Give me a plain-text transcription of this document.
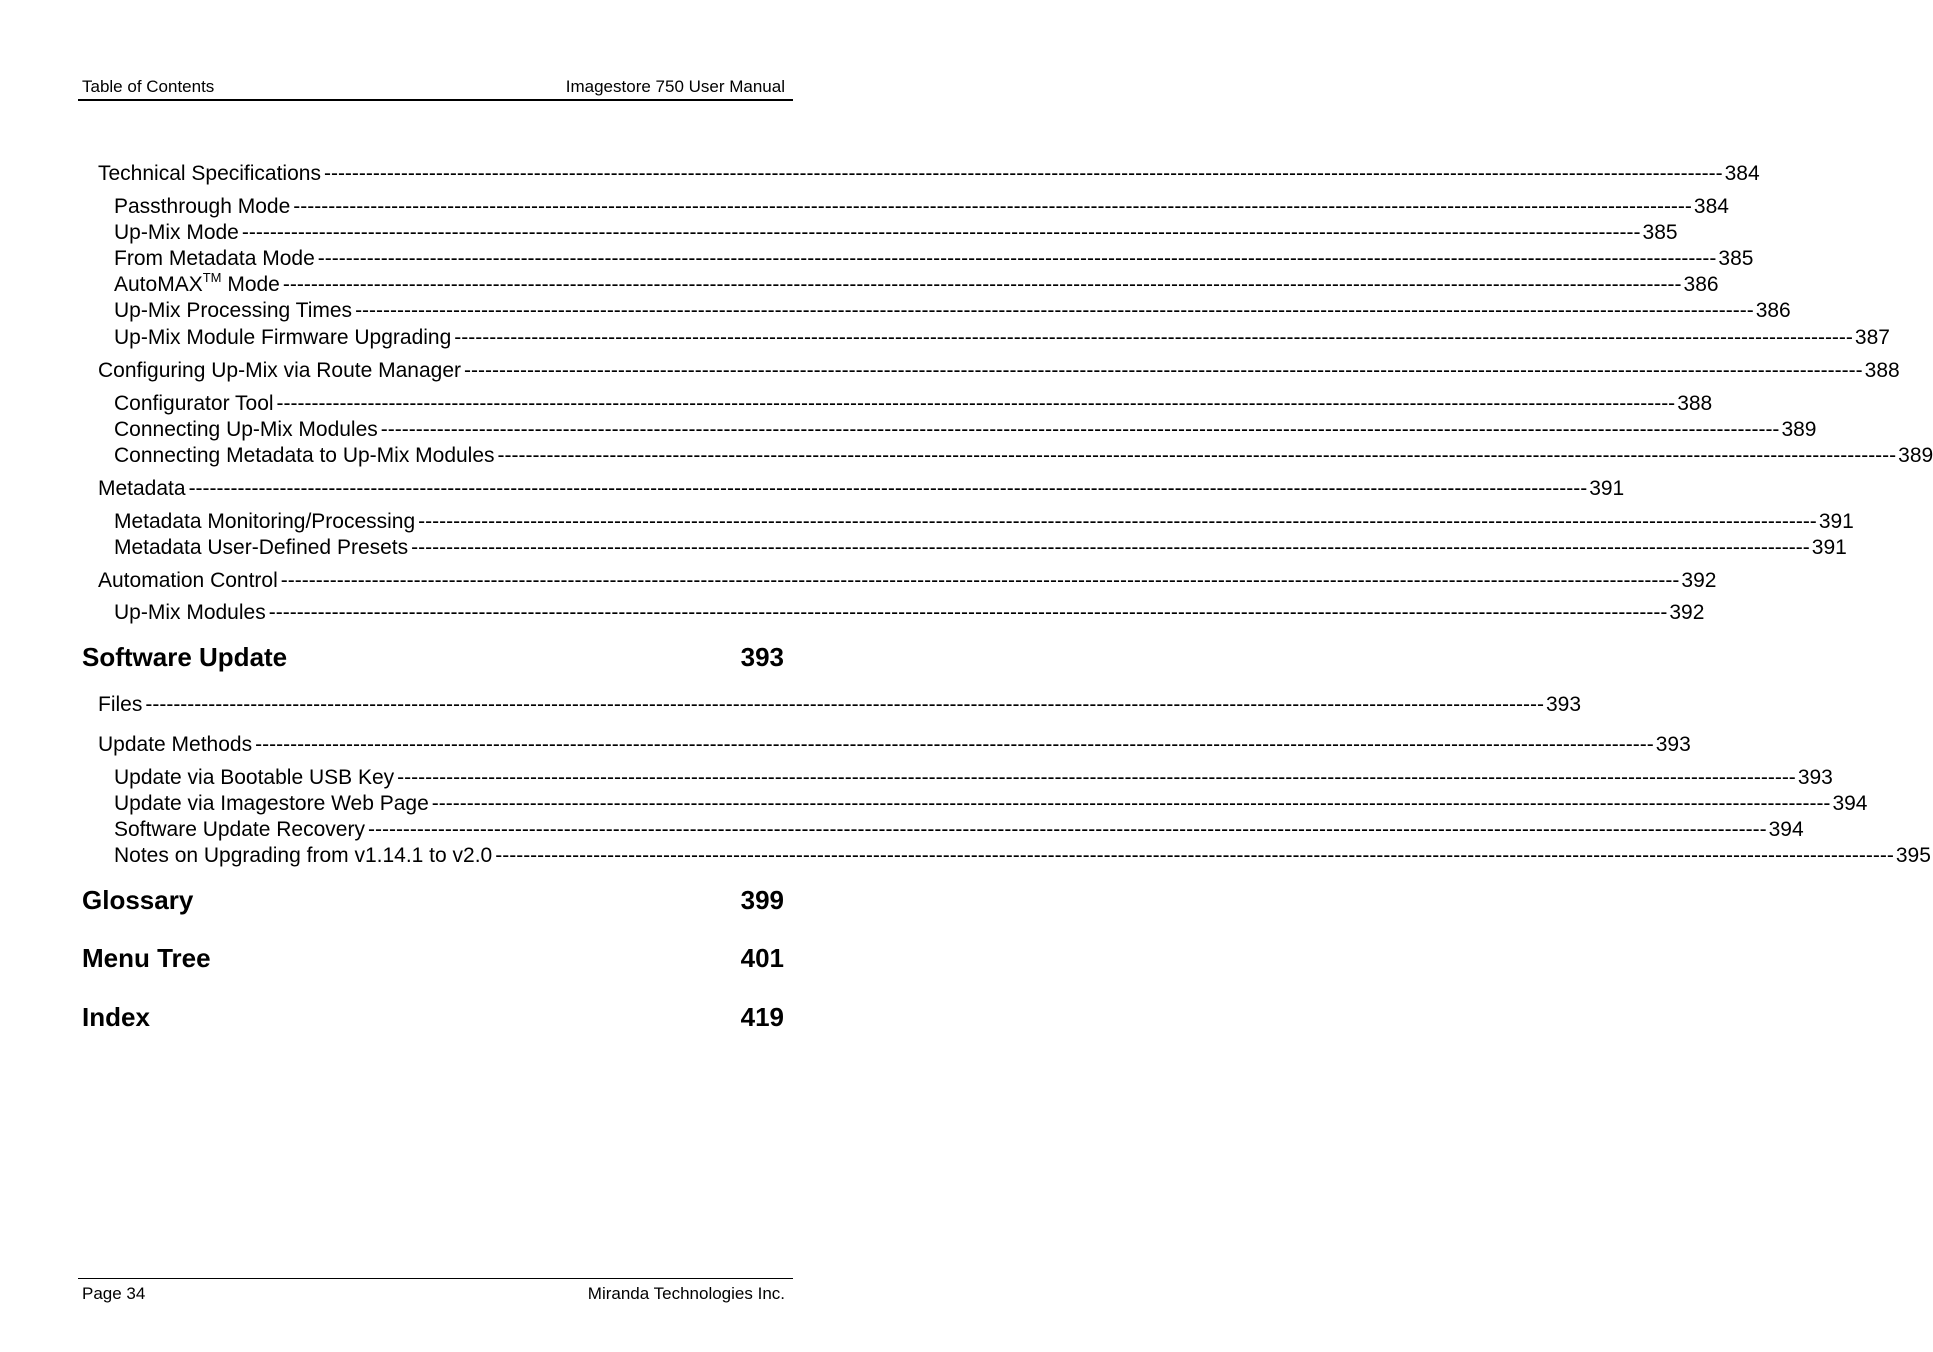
Table of Contents	Imagestore 750 User Manual
Technical Specifications -------------------------------------------------------------------------------------------------------------------------------------------------------------------------------------------------------- 384
Passthrough Mode -------------------------------------------------------------------------------------------------------------------------------------------------------------------------------------------------------- 384
Up-Mix Mode -------------------------------------------------------------------------------------------------------------------------------------------------------------------------------------------------------- 385
From Metadata Mode -------------------------------------------------------------------------------------------------------------------------------------------------------------------------------------------------------- 385
AutoMAX™ Mode -------------------------------------------------------------------------------------------------------------------------------------------------------------------------------------------------------- 386
Up-Mix Processing Times -------------------------------------------------------------------------------------------------------------------------------------------------------------------------------------------------------- 386
Up-Mix Module Firmware Upgrading -------------------------------------------------------------------------------------------------------------------------------------------------------------------------------------------------------- 387
Configuring Up-Mix via Route Manager -------------------------------------------------------------------------------------------------------------------------------------------------------------------------------------------------------- 388
Configurator Tool -------------------------------------------------------------------------------------------------------------------------------------------------------------------------------------------------------- 388
Connecting Up-Mix Modules -------------------------------------------------------------------------------------------------------------------------------------------------------------------------------------------------------- 389
Connecting Metadata to Up-Mix Modules -------------------------------------------------------------------------------------------------------------------------------------------------------------------------------------------------------- 389
Metadata -------------------------------------------------------------------------------------------------------------------------------------------------------------------------------------------------------- 391
Metadata Monitoring/Processing -------------------------------------------------------------------------------------------------------------------------------------------------------------------------------------------------------- 391
Metadata User-Defined Presets -------------------------------------------------------------------------------------------------------------------------------------------------------------------------------------------------------- 391
Automation Control -------------------------------------------------------------------------------------------------------------------------------------------------------------------------------------------------------- 392
Up-Mix Modules -------------------------------------------------------------------------------------------------------------------------------------------------------------------------------------------------------- 392
Software Update	393
Files -------------------------------------------------------------------------------------------------------------------------------------------------------------------------------------------------------- 393
Update Methods -------------------------------------------------------------------------------------------------------------------------------------------------------------------------------------------------------- 393
Update via Bootable USB Key -------------------------------------------------------------------------------------------------------------------------------------------------------------------------------------------------------- 393
Update via Imagestore Web Page -------------------------------------------------------------------------------------------------------------------------------------------------------------------------------------------------------- 394
Software Update Recovery -------------------------------------------------------------------------------------------------------------------------------------------------------------------------------------------------------- 394
Notes on Upgrading from v1.14.1 to v2.0 -------------------------------------------------------------------------------------------------------------------------------------------------------------------------------------------------------- 395
Glossary	399
Menu Tree	401
Index	419
Page 34	Miranda Technologies Inc.
